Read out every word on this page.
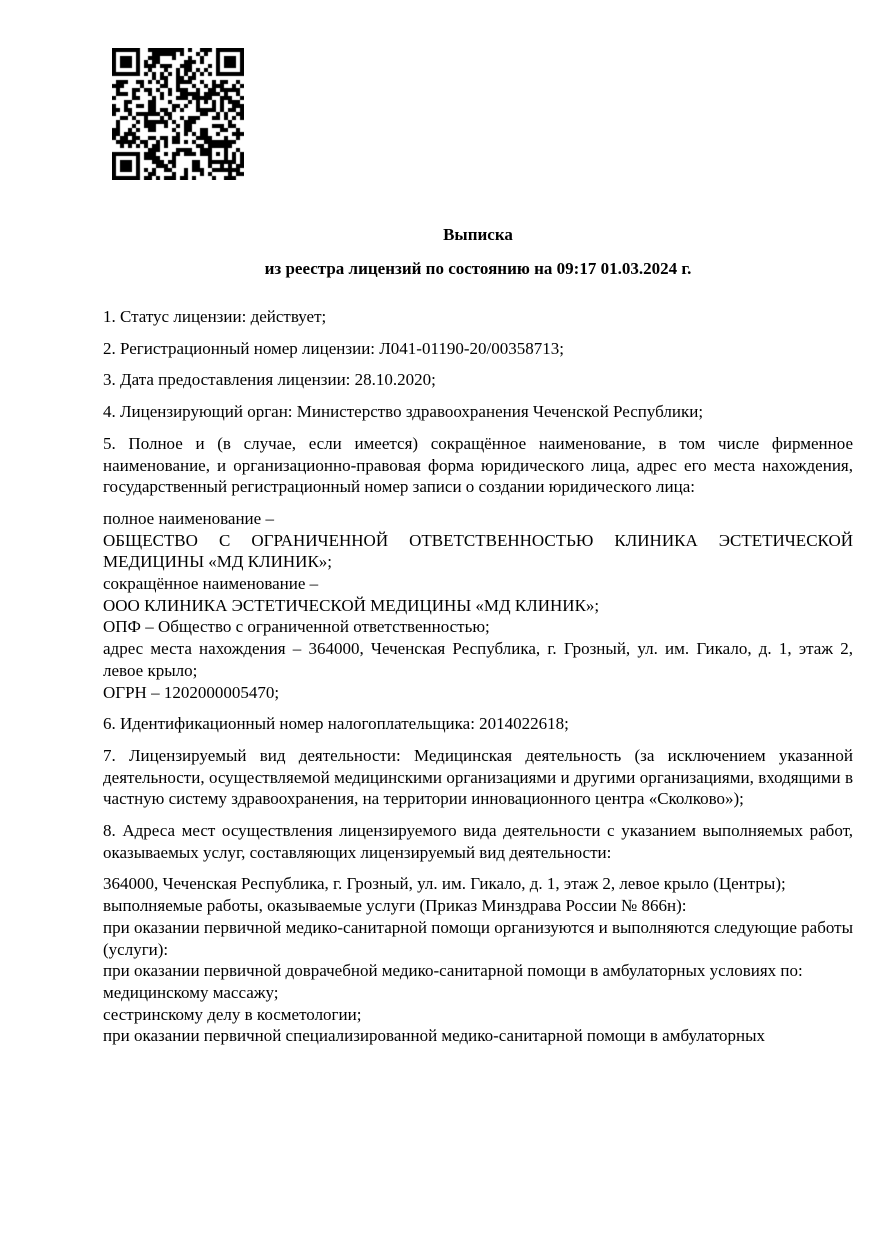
Выписка
из реестра лицензий по состоянию на 09:17 01.03.2024 г.
1. Статус лицензии: действует;
2. Регистрационный номер лицензии: Л041-01190-20/00358713;
3. Дата предоставления лицензии: 28.10.2020;
4. Лицензирующий орган: Министерство здравоохранения Чеченской Республики;
5. Полное и (в случае, если имеется) сокращённое наименование, в том числе фирменное наименование, и организационно-правовая форма юридического лица, адрес его места нахождения, государственный регистрационный номер записи о создании юридического лица:
полное наименование –
ОБЩЕСТВО С ОГРАНИЧЕННОЙ ОТВЕТСТВЕННОСТЬЮ КЛИНИКА ЭСТЕТИЧЕСКОЙ МЕДИЦИНЫ «МД КЛИНИК»;
сокращённое наименование –
ООО КЛИНИКА ЭСТЕТИЧЕСКОЙ МЕДИЦИНЫ «МД КЛИНИК»;
ОПФ – Общество с ограниченной ответственностью;
адрес места нахождения – 364000, Чеченская Республика, г. Грозный, ул. им. Гикало, д. 1, этаж 2, левое крыло;
ОГРН – 1202000005470;
6. Идентификационный номер налогоплательщика: 2014022618;
7. Лицензируемый вид деятельности: Медицинская деятельность (за исключением указанной деятельности, осуществляемой медицинскими организациями и другими организациями, входящими в частную систему здравоохранения, на территории инновационного центра «Сколково»);
8. Адреса мест осуществления лицензируемого вида деятельности с указанием выполняемых работ, оказываемых услуг, составляющих лицензируемый вид деятельности:
364000, Чеченская Республика, г. Грозный, ул. им. Гикало, д. 1, этаж 2, левое крыло (Центры);
выполняемые работы, оказываемые услуги (Приказ Минздрава России № 866н):
при оказании первичной медико-санитарной помощи организуются и выполняются следующие работы (услуги):
при оказании первичной доврачебной медико-санитарной помощи в амбулаторных условиях по:
медицинскому массажу;
сестринскому делу в косметологии;
при оказании первичной специализированной медико-санитарной помощи в амбулаторных
